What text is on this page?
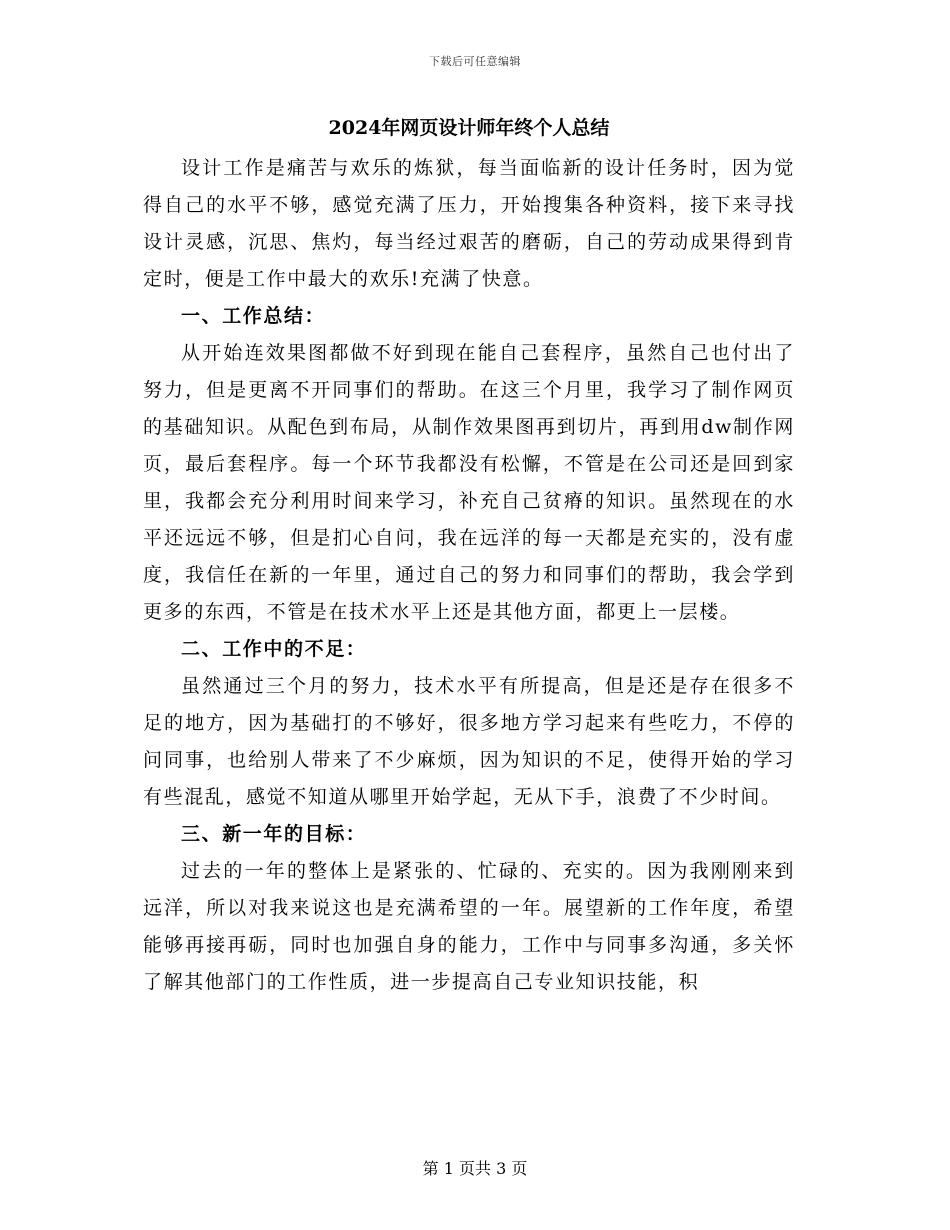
下载后可任意编辑
2024年网页设计师年终个人总结

设计工作是痛苦与欢乐的炼狱，每当面临新的设计任务时，因为觉得自己的水平不够，感觉充满了压力，开始搜集各种资料，接下来寻找设计灵感，沉思、焦灼，每当经过艰苦的磨砺，自己的劳动成果得到肯定时，便是工作中最大的欢乐!充满了快意。

一、工作总结：

从开始连效果图都做不好到现在能自己套程序，虽然自己也付出了努力，但是更离不开同事们的帮助。在这三个月里，我学习了制作网页的基础知识。从配色到布局，从制作效果图再到切片，再到用dw制作网页，最后套程序。每一个环节我都没有松懈，不管是在公司还是回到家里，我都会充分利用时间来学习，补充自己贫瘠的知识。虽然现在的水平还远远不够，但是扪心自问，我在远洋的每一天都是充实的，没有虚度，我信任在新的一年里，通过自己的努力和同事们的帮助，我会学到更多的东西，不管是在技术水平上还是其他方面，都更上一层楼。

二、工作中的不足：

虽然通过三个月的努力，技术水平有所提高，但是还是存在很多不足的地方，因为基础打的不够好，很多地方学习起来有些吃力，不停的问同事，也给别人带来了不少麻烦，因为知识的不足，使得开始的学习有些混乱，感觉不知道从哪里开始学起，无从下手，浪费了不少时间。

三、新一年的目标：

过去的一年的整体上是紧张的、忙碌的、充实的。因为我刚刚来到远洋，所以对我来说这也是充满希望的一年。展望新的工作年度，希望能够再接再砺，同时也加强自身的能力，工作中与同事多沟通，多关怀了解其他部门的工作性质，进一步提高自己专业知识技能，积

第 1 页共 3 页
